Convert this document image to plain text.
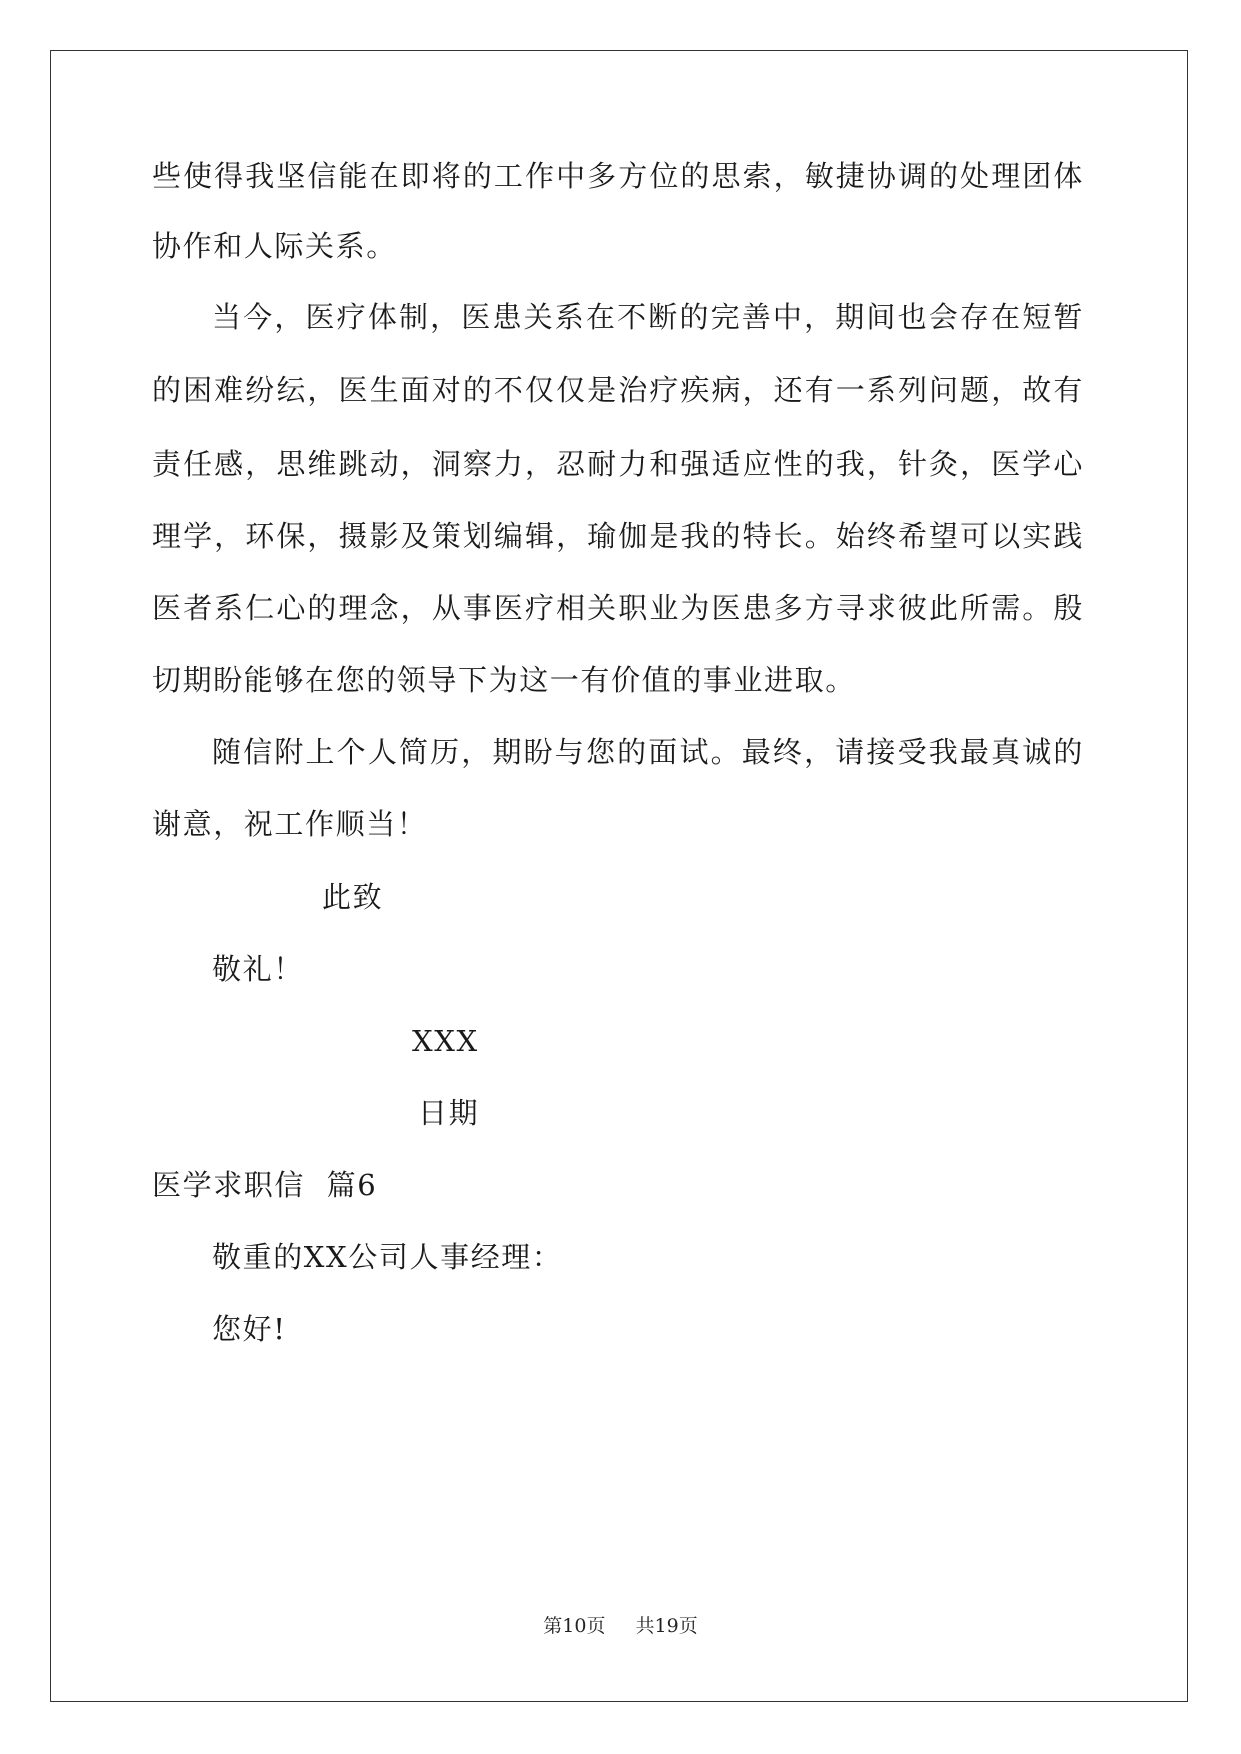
些使得我坚信能在即将的工作中多方位的思索，敏捷协调的处理团体
协作和人际关系。
当今，医疗体制，医患关系在不断的完善中，期间也会存在短暂
的困难纷纭，医生面对的不仅仅是治疗疾病，还有一系列问题，故有
责任感，思维跳动，洞察力，忍耐力和强适应性的我，针灸，医学心
理学，环保，摄影及策划编辑，瑜伽是我的特长。始终希望可以实践
医者系仁心的理念，从事医疗相关职业为医患多方寻求彼此所需。殷
切期盼能够在您的领导下为这一有价值的事业进取。
随信附上个人简历，期盼与您的面试。最终，请接受我最真诚的
谢意，祝工作顺当！
此致
敬礼！
XXX
日期
医学求职信  篇6
敬重的XX公司人事经理：
您好!
第10页 共19页
